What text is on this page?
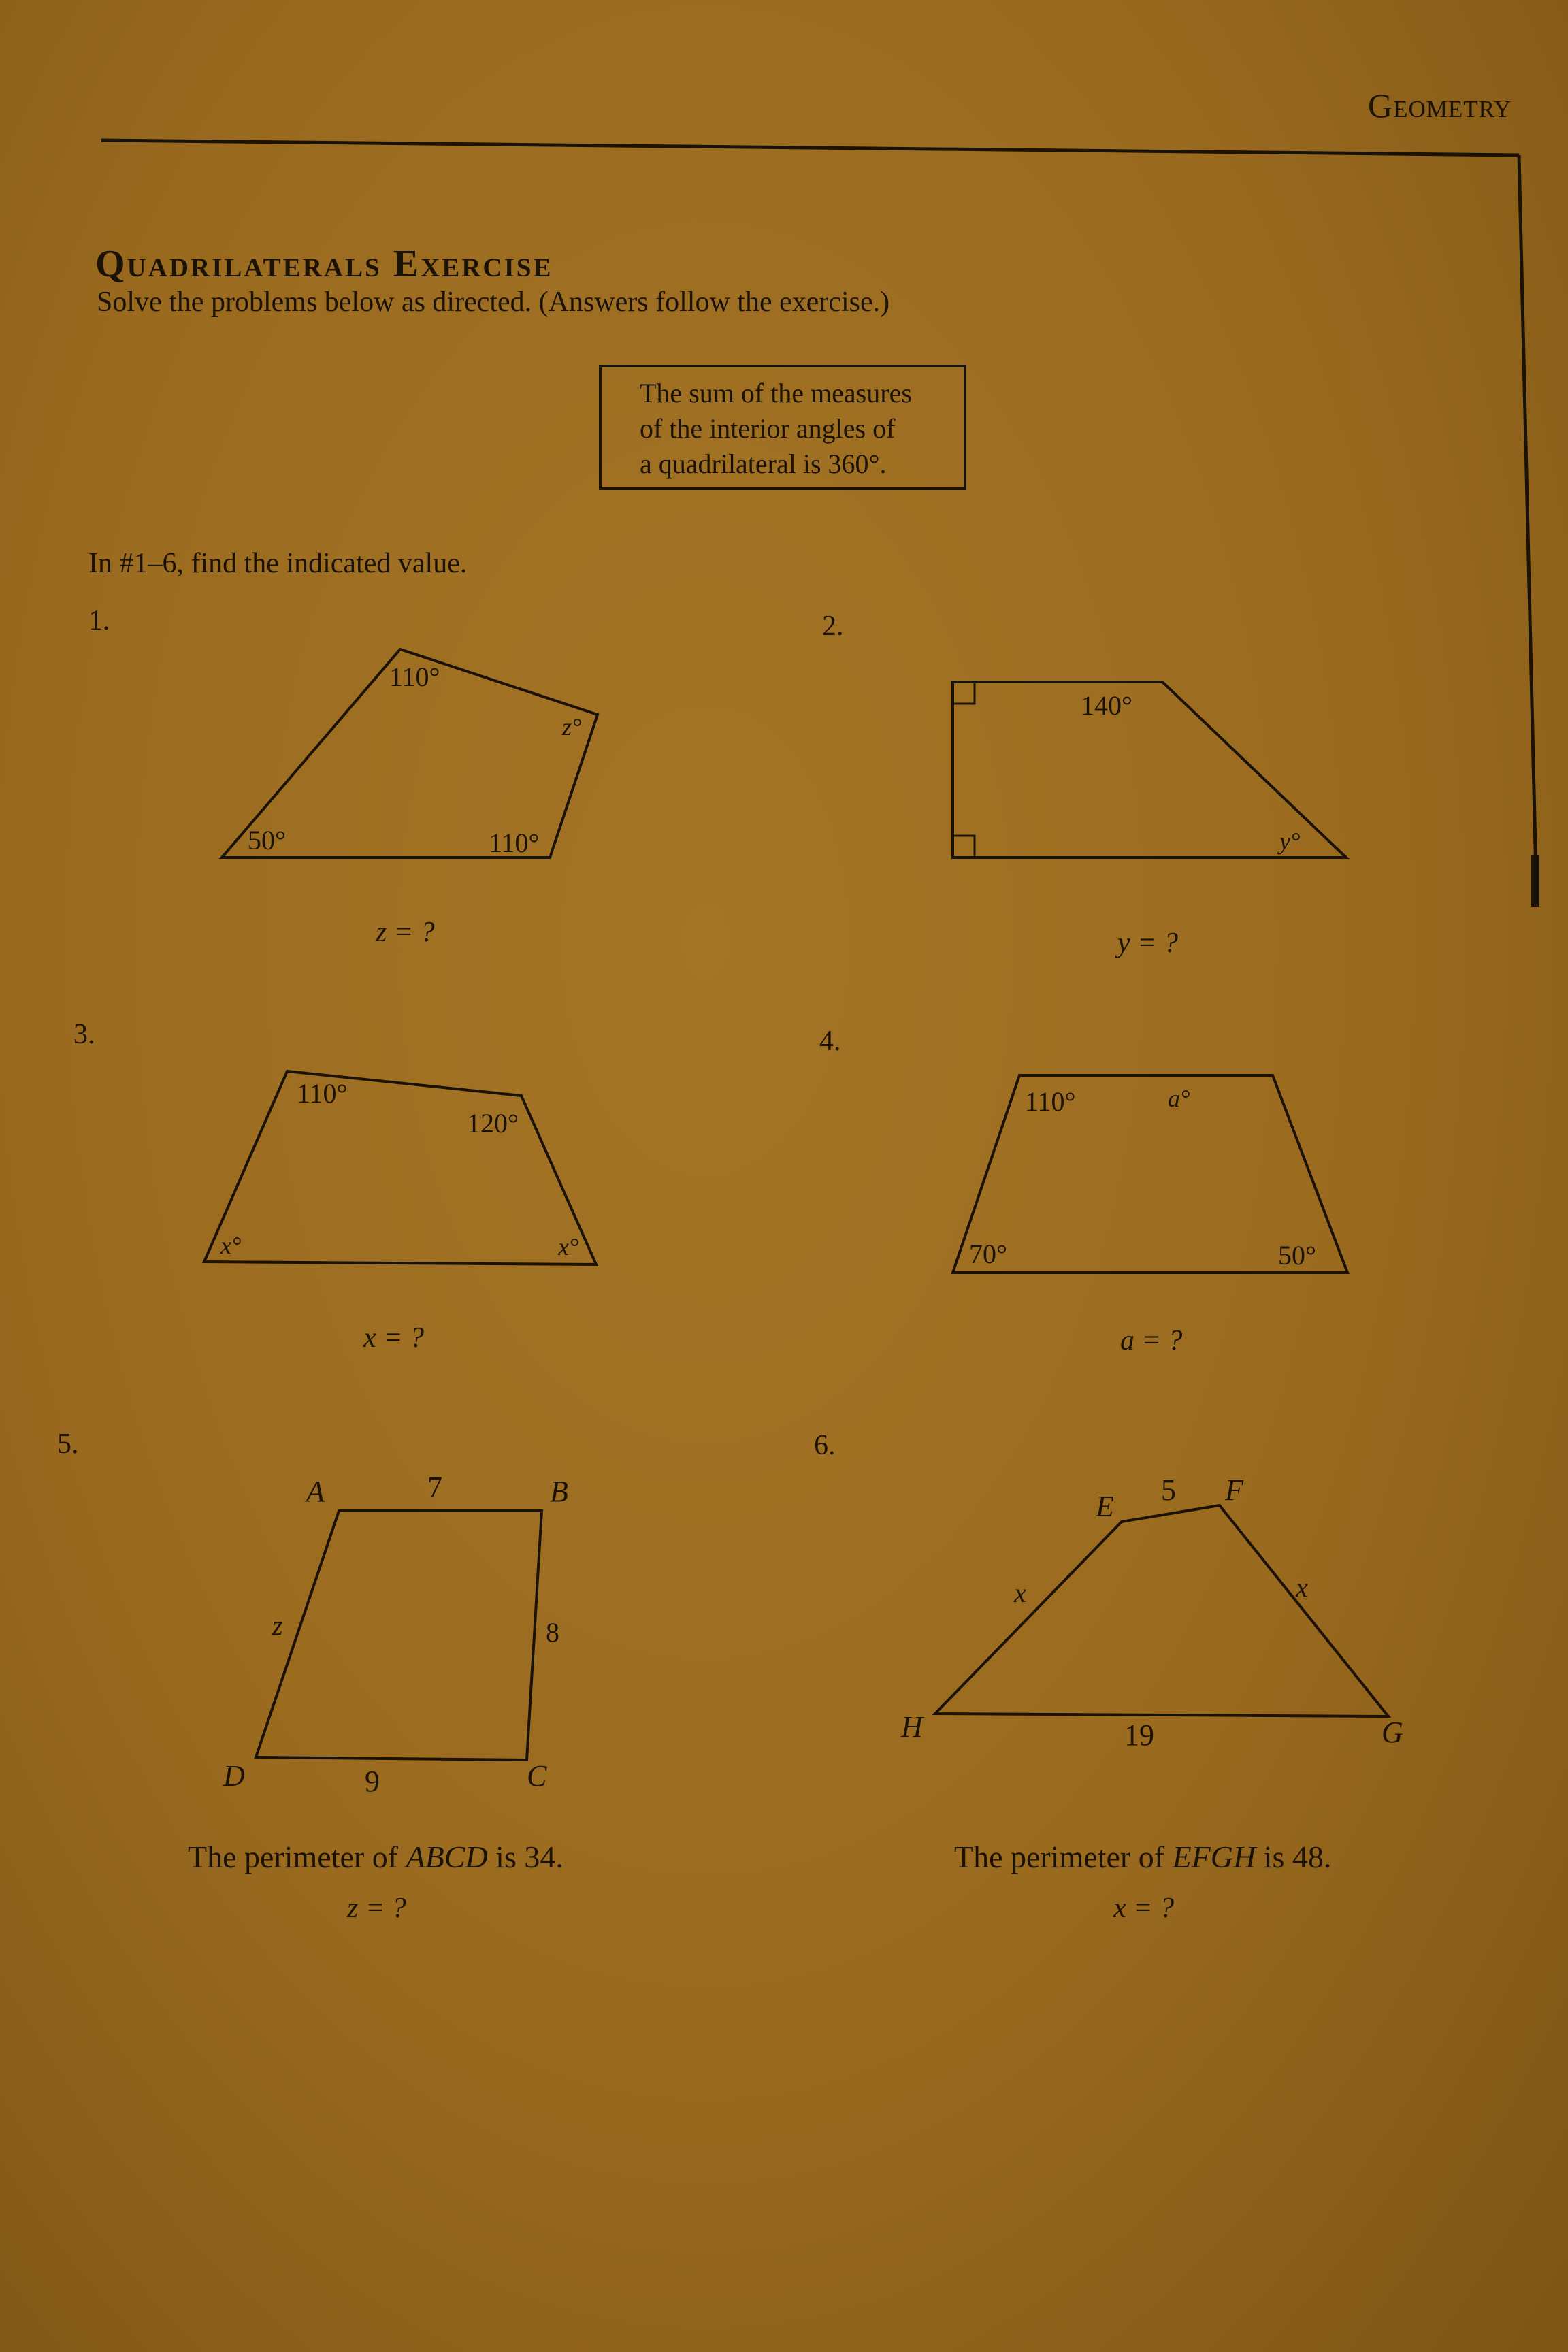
Geometry
Quadrilaterals Exercise
Solve the problems below as directed. (Answers follow the exercise.)
The sum of the measures
of the interior angles of
a quadrilateral is 360°.
In #1–6, find the indicated value.
1.
110°
z°
50°	110°
z = ?
2.
140°
y°
y = ?
3.
110°
120°
x°	x°
x = ?
4.
110°	a°
70°	50°
a = ?
5.
A	7	B
z	8
D	9	C
The perimeter of ABCD is 34.
z = ?
6.
E 5 F
x	x
H	19	G
The perimeter of EFGH is 48.
x = ?
